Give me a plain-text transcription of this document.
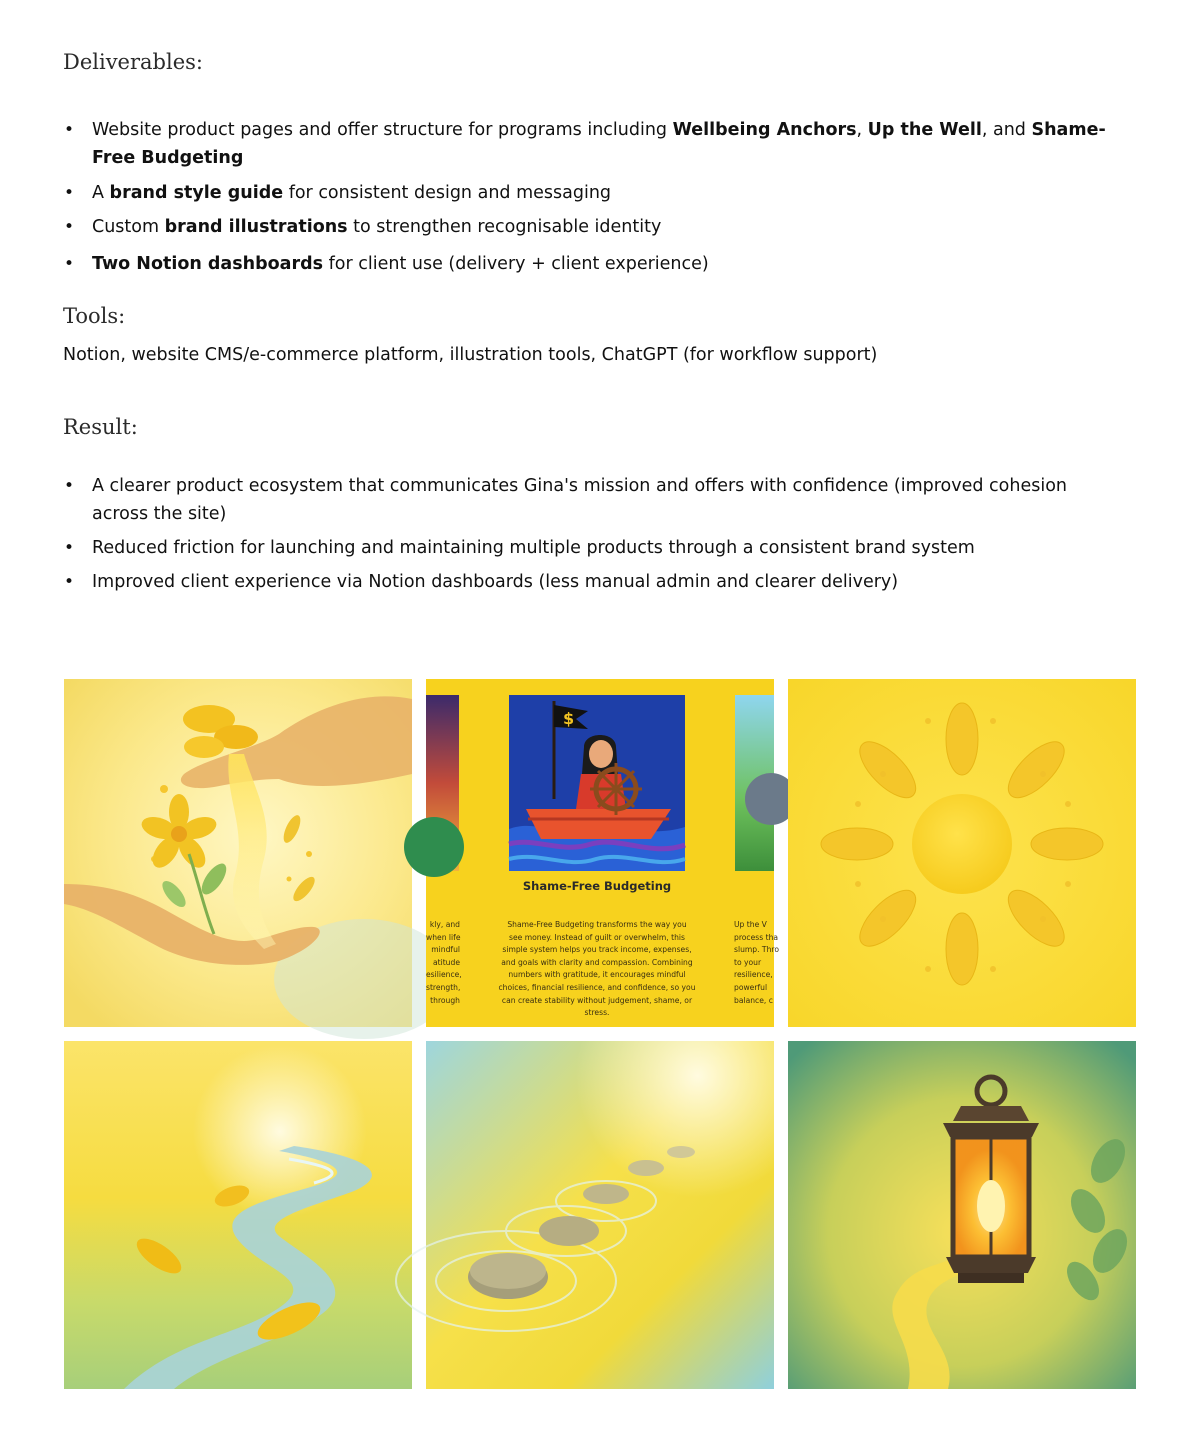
Deliverables:
• Website product pages and offer structure for programs including Wellbeing Anchors, Up the Well, and Shame-Free Budgeting
• A brand style guide for consistent design and messaging
• Custom brand illustrations to strengthen recognisable identity
• Two Notion dashboards for client use (delivery + client experience)
Tools:

Notion, website CMS/e-commerce platform, illustration tools, ChatGPT (for workflow support)

Result:
• A clearer product ecosystem that communicates Gina's mission and offers with confidence (improved cohesion across the site)
• Reduced friction for launching and maintaining multiple products through a consistent brand system
• Improved client experience via Notion dashboards (less manual admin and clearer delivery)
$
Shame-Free Budgeting
Shame-Free Budgeting transforms the way you
see money. Instead of guilt or overwhelm, this
simple system helps you track income, expenses,
and goals with clarity and compassion. Combining
numbers with gratitude, it encourages mindful
choices, financial resilience, and confidence, so you
can create stability without judgement, shame, or
stress.
kly, and
when life
mindful
atitude
esilience,
strength,
through
Up the V
process tha
slump. Thro
to your
resilience,
powerful
balance, c
